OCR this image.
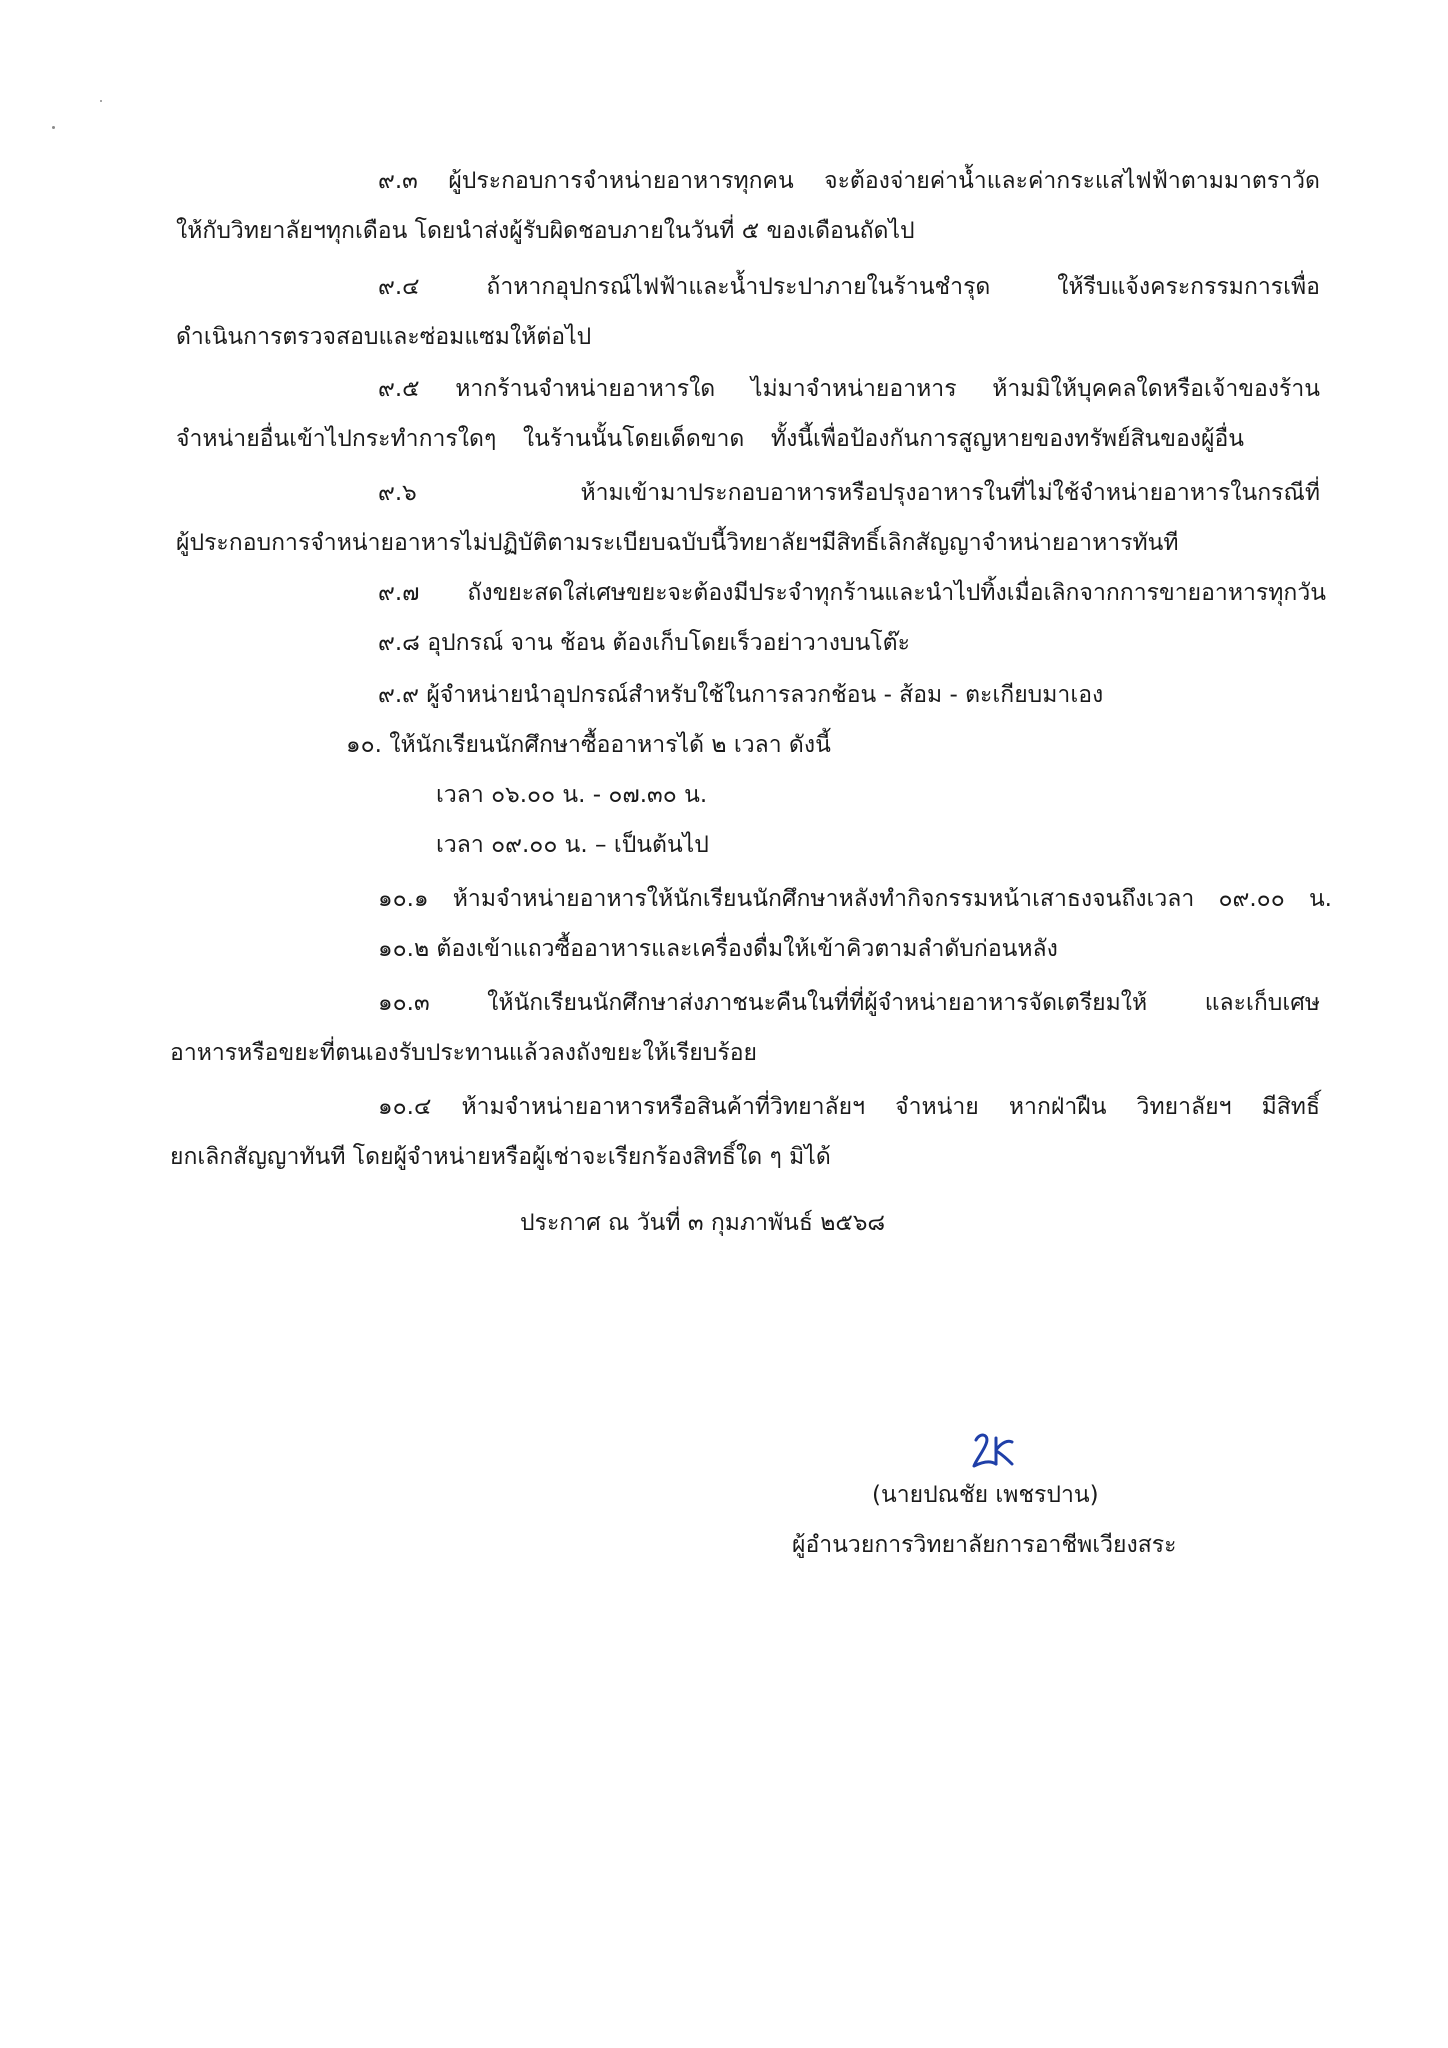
๙.๓ ผู้ประกอบการจำหน่ายอาหารทุกคน จะต้องจ่ายค่าน้ำและค่ากระแสไฟฟ้าตามมาตราวัด
ให้กับวิทยาลัยฯทุกเดือน โดยนำส่งผู้รับผิดชอบภายในวันที่ ๕ ของเดือนถัดไป
๙.๔ ถ้าหากอุปกรณ์ไฟฟ้าและน้ำประปาภายในร้านชำรุด ให้รีบแจ้งคระกรรมการเพื่อ
ดำเนินการตรวจสอบและซ่อมแซมให้ต่อไป
๙.๕ หากร้านจำหน่ายอาหารใด ไม่มาจำหน่ายอาหาร ห้ามมิให้บุคคลใดหรือเจ้าของร้าน
จำหน่ายอื่นเข้าไปกระทำการใดๆ ในร้านนั้นโดยเด็ดขาด ทั้งนี้เพื่อป้องกันการสูญหายของทรัพย์สินของผู้อื่น
๙.๖ ห้ามเข้ามาประกอบอาหารหรือปรุงอาหารในที่ไม่ใช้จำหน่ายอาหารในกรณีที่
ผู้ประกอบการจำหน่ายอาหารไม่ปฏิบัติตามระเบียบฉบับนี้วิทยาลัยฯมีสิทธิ์เลิกสัญญาจำหน่ายอาหารทันที
๙.๗ ถังขยะสดใส่เศษขยะจะต้องมีประจำทุกร้านและนำไปทิ้งเมื่อเลิกจากการขายอาหารทุกวัน
๙.๘ อุปกรณ์ จาน ช้อน ต้องเก็บโดยเร็วอย่าวางบนโต๊ะ
๙.๙ ผู้จำหน่ายนำอุปกรณ์สำหรับใช้ในการลวกช้อน - ส้อม - ตะเกียบมาเอง
๑๐. ให้นักเรียนนักศึกษาซื้ออาหารได้ ๒ เวลา ดังนี้
เวลา ๐๖.๐๐ น. - ๐๗.๓๐ น.
เวลา ๐๙.๐๐ น. – เป็นต้นไป
๑๐.๑ ห้ามจำหน่ายอาหารให้นักเรียนนักศึกษาหลังทำกิจกรรมหน้าเสาธงจนถึงเวลา ๐๙.๐๐ น.
๑๐.๒ ต้องเข้าแถวซื้ออาหารและเครื่องดื่มให้เข้าคิวตามลำดับก่อนหลัง
๑๐.๓ ให้นักเรียนนักศึกษาส่งภาชนะคืนในที่ที่ผู้จำหน่ายอาหารจัดเตรียมให้ และเก็บเศษ
อาหารหรือขยะที่ตนเองรับประทานแล้วลงถังขยะให้เรียบร้อย
๑๐.๔ ห้ามจำหน่ายอาหารหรือสินค้าที่วิทยาลัยฯ จำหน่าย หากฝ่าฝืน วิทยาลัยฯ มีสิทธิ์
ยกเลิกสัญญาทันที โดยผู้จำหน่ายหรือผู้เช่าจะเรียกร้องสิทธิ์ใด ๆ มิได้
ประกาศ ณ วันที่ ๓ กุมภาพันธ์ ๒๕๖๘
(นายปณชัย เพชรปาน)
ผู้อำนวยการวิทยาลัยการอาชีพเวียงสระ
